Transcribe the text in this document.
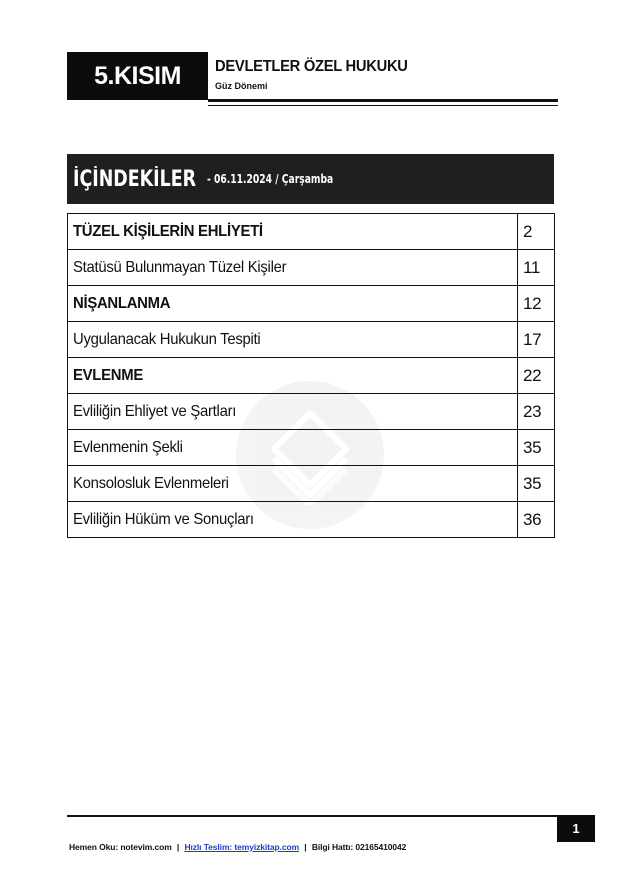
5.KISIM DEVLETLER ÖZEL HUKUKU
Güz Dönemi
İÇİNDEKİLER - 06.11.2024 / Çarşamba
TÜZEL KİŞİLERİN EHLİYETİ	2
Statüsü Bulunmayan Tüzel Kişiler	11
NİŞANLANMA	12
Uygulanacak Hukukun Tespiti	17
EVLENME	22
Evliliğin Ehliyet ve Şartları	23
Evlenmenin Şekli	35
Konsolosluk Evlenmeleri	35
Evliliğin Hüküm ve Sonuçları	36
1
Hemen Oku: notevim.com | Hızlı Teslim: temyizkitap.com | Bilgi Hattı: 02165410042
